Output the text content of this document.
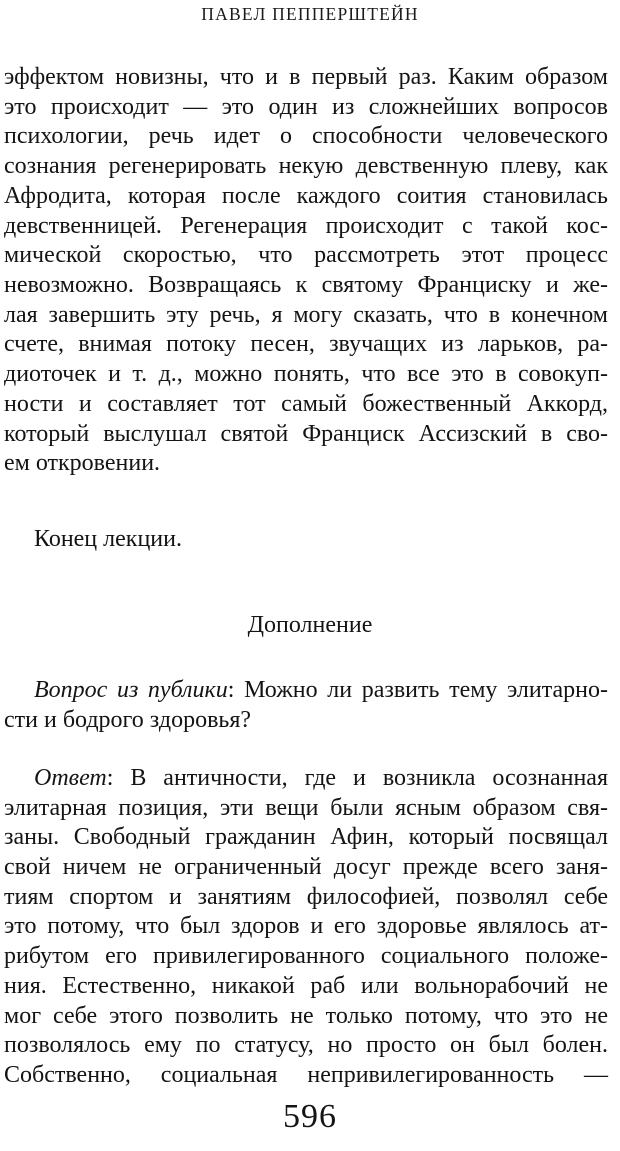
ПАВЕЛ ПЕППЕРШТЕЙН
эффектом новизны, что и в первый раз. Каким образом
это происходит — это один из сложнейших вопросов
психологии, речь идет о способности человеческого
сознания регенерировать некую девственную плеву, как
Афродита, которая после каждого соития становилась
девственницей. Регенерация происходит с такой кос-
мической скоростью, что рассмотреть этот процесс
невозможно. Возвращаясь к святому Франциску и же-
лая завершить эту речь, я могу сказать, что в конечном
счете, внимая потоку песен, звучащих из ларьков, ра-
диоточек и т. д., можно понять, что все это в совокуп-
ности и составляет тот самый божественный Аккорд,
который выслушал святой Франциск Ассизский в сво-
ем откровении.
Конец лекции.
Дополнение
Вопрос из публики: Можно ли развить тему элитарно-
сти и бодрого здоровья?
Ответ: В античности, где и возникла осознанная
элитарная позиция, эти вещи были ясным образом свя-
заны. Свободный гражданин Афин, который посвящал
свой ничем не ограниченный досуг прежде всего заня-
тиям спортом и занятиям философией, позволял себе
это потому, что был здоров и его здоровье являлось ат-
рибутом его привилегированного социального положе-
ния. Естественно, никакой раб или вольнорабочий не
мог себе этого позволить не только потому, что это не
позволялось ему по статусу, но просто он был болен.
Собственно, социальная непривилегированность —
596
